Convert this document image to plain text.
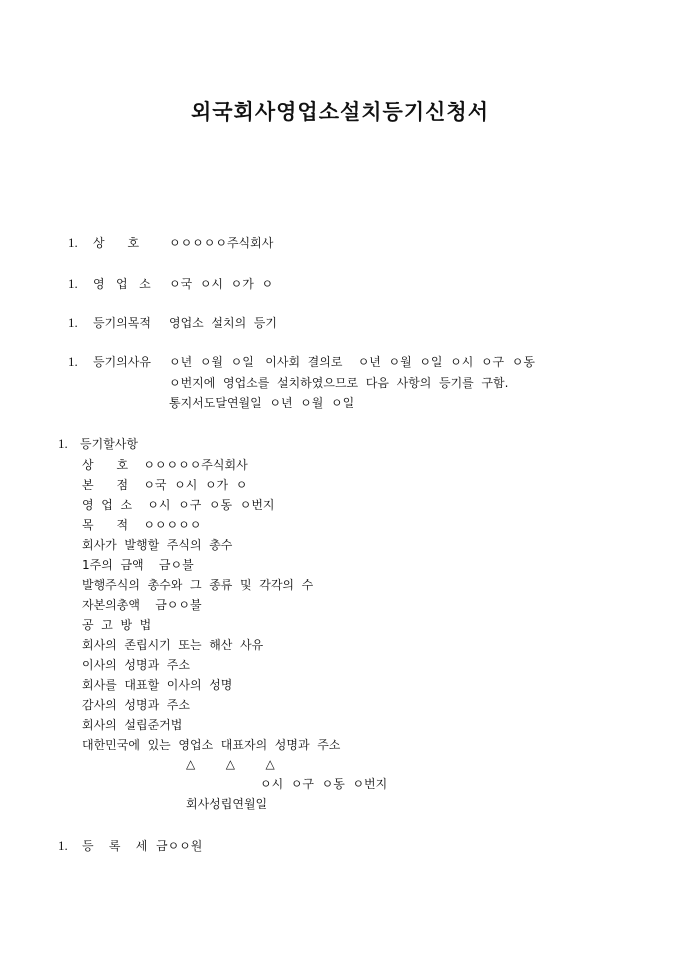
외국회사영업소설치등기신청서
1. 상      호 ㅇㅇㅇㅇㅇ주식회사
1. 영   업   소 ㅇ국  ㅇ시  ㅇ가  ㅇ
1. 등기의목적 영업소  설치의  등기
1. 등기의사유 ㅇ년  ㅇ월  ㅇ일   이사회  결의로    ㅇ년  ㅇ월  ㅇ일  ㅇ시  ㅇ구  ㅇ동
ㅇ번지에  영업소를  설치하였으므로  다음  사항의  등기를  구함.
통지서도달연월일  ㅇ년  ㅇ월  ㅇ일
1. 등기할사항
상      호    ㅇㅇㅇㅇㅇ주식회사
본      점    ㅇ국  ㅇ시  ㅇ가  ㅇ
영  업  소    ㅇ시  ㅇ구  ㅇ동  ㅇ번지
목      적    ㅇㅇㅇㅇㅇ
회사가  발행할  주식의  총수
1주의  금액    금ㅇ불
발행주식의  총수와  그  종류  및  각각의  수
자본의총액    금ㅇㅇ불
공  고  방  법
회사의  존립시기  또는  해산  사유
이사의  성명과  주소
회사를  대표할  이사의  성명
감사의  성명과  주소
회사의  설립준거법
대한민국에  있는  영업소  대표자의  성명과  주소
△        △        △
ㅇ시  ㅇ구  ㅇ동  ㅇ번지
회사성립연월일
1. 등    록    세 금ㅇㅇ원
